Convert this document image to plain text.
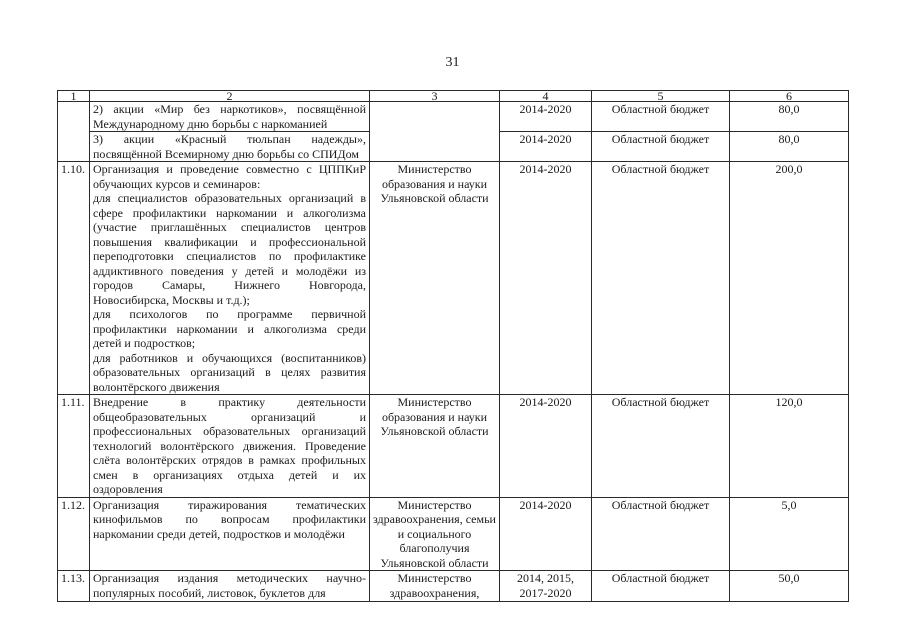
31
1	2	3	4	5	6
	2) акции «Мир без наркотиков», посвящённой Международному дню борьбы с наркоманией		2014-2020	Областной бюджет	80,0
	3) акции «Красный тюльпан надежды», посвящённой Всемирному дню борьбы со СПИДом		2014-2020	Областной бюджет	80,0
1.10.	Организация и проведение совместно с ЦППКиР обучающих курсов и семинаров:
для специалистов образовательных организаций в сфере профилактики наркомании и алкоголизма (участие приглашённых специалистов центров повышения квалификации и профессиональной переподготовки специалистов по профилактике аддиктивного поведения у детей и молодёжи из городов Самары, Нижнего Новгорода, Новосибирска, Москвы и т.д.);
для психологов по программе первичной профилактики наркомании и алкоголизма среди детей и подростков;
для работников и обучающихся (воспитанников) образовательных организаций в целях развития волонтёрского движения	Министерство образования и науки Ульяновской области	2014-2020	Областной бюджет	200,0
1.11.	Внедрение в практику деятельности общеобразовательных организаций и профессиональных образовательных организаций технологий волонтёрского движения. Проведение слёта волонтёрских отрядов в рамках профильных смен в организациях отдыха детей и их оздоровления	Министерство образования и науки Ульяновской области	2014-2020	Областной бюджет	120,0
1.12.	Организация тиражирования тематических кинофильмов по вопросам профилактики наркомании среди детей, подростков и молодёжи	Министерство здравоохранения, семьи и социального благополучия Ульяновской области	2014-2020	Областной бюджет	5,0
1.13.	Организация издания методических научно-популярных пособий, листовок, буклетов для	Министерство здравоохранения,	2014, 2015, 2017-2020	Областной бюджет	50,0
